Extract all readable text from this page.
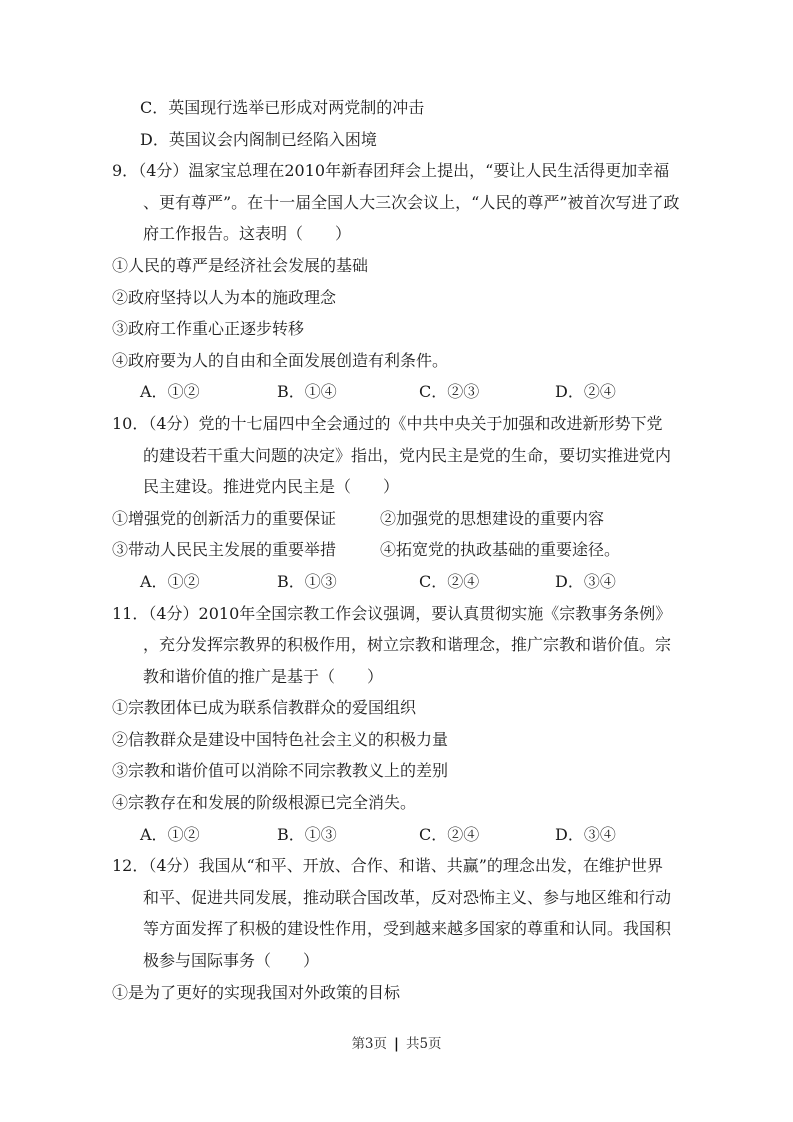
C．英国现行选举已形成对两党制的冲击
D．英国议会内阁制已经陷入困境
9．（4分）温家宝总理在2010年新春团拜会上提出，“要让人民生活得更加幸福
、更有尊严”。在十一届全国人大三次会议上，“人民的尊严”被首次写进了政
府工作报告。这表明（　　）
①人民的尊严是经济社会发展的基础
②政府坚持以人为本的施政理念
③政府工作重心正逐步转移
④政府要为人的自由和全面发展创造有利条件。
A．①②	B．①④	C．②③	D．②④
10．（4分）党的十七届四中全会通过的《中共中央关于加强和改进新形势下党
的建设若干重大问题的决定》指出，党内民主是党的生命，要切实推进党内
民主建设。推进党内民主是（　　）
①增强党的创新活力的重要保证	②加强党的思想建设的重要内容
③带动人民民主发展的重要举措	④拓宽党的执政基础的重要途径。
A．①②	B．①③	C．②④	D．③④
11．（4分）2010年全国宗教工作会议强调，要认真贯彻实施《宗教事务条例》
，充分发挥宗教界的积极作用，树立宗教和谐理念，推广宗教和谐价值。宗
教和谐价值的推广是基于（　　）
①宗教团体已成为联系信教群众的爱国组织
②信教群众是建设中国特色社会主义的积极力量
③宗教和谐价值可以消除不同宗教教义上的差别
④宗教存在和发展的阶级根源已完全消失。
A．①②	B．①③	C．②④	D．③④
12．（4分）我国从“和平、开放、合作、和谐、共赢”的理念出发，在维护世界
和平、促进共同发展，推动联合国改革，反对恐怖主义、参与地区维和行动
等方面发挥了积极的建设性作用，受到越来越多国家的尊重和认同。我国积
极参与国际事务（　　）
①是为了更好的实现我国对外政策的目标
第3页 | 共5页
